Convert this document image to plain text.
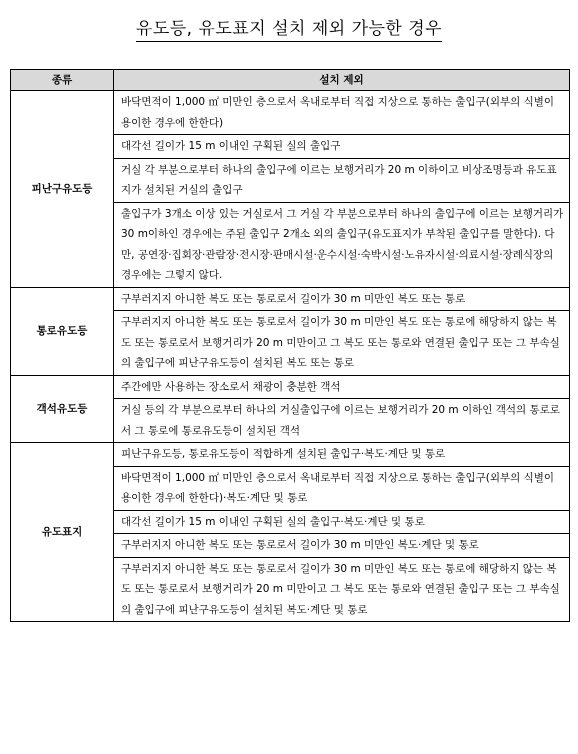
유도등, 유도표지 설치 제외 가능한 경우
종류	설치 제외
피난구유도등	바닥면적이 1,000 ㎡ 미만인 층으로서 옥내로부터 직접 지상으로 통하는 출입구(외부의 식별이 용이한 경우에 한한다)
	대각선 길이가 15 m 이내인 구획된 실의 출입구
	거실 각 부분으로부터 하나의 출입구에 이르는 보행거리가 20 m 이하이고 비상조명등과 유도표지가 설치된 거실의 출입구
	출입구가 3개소 이상 있는 거실로서 그 거실 각 부분으로부터 하나의 출입구에 이르는 보행거리가30 m이하인 경우에는 주된 출입구 2개소 외의 출입구(유도표지가 부착된 출입구를 말한다). 다만, 공연장·집회장·관람장·전시장·판매시설·운수시설·숙박시설·노유자시설·의료시설·장례식장의 경우에는 그렇지 않다.
통로유도등	구부러지지 아니한 복도 또는 통로로서 길이가 30 m 미만인 복도 또는 통로
	구부러지지 아니한 복도 또는 통로로서 길이가 30 m 미만인 복도 또는 통로에 해당하지 않는 복도 또는 통로로서 보행거리가 20 m 미만이고 그 복도 또는 통로와 연결된 출입구 또는 그 부속실의 출입구에 피난구유도등이 설치된 복도 또는 통로
객석유도등	주간에만 사용하는 장소로서 채광이 충분한 객석
	거실 등의 각 부분으로부터 하나의 거실출입구에 이르는 보행거리가 20 m 이하인 객석의 통로로서 그 통로에 통로유도등이 설치된 객석
유도표지	피난구유도등, 통로유도등이 적합하게 설치된 출입구·복도·계단 및 통로
	바닥면적이 1,000 ㎡ 미만인 층으로서 옥내로부터 직접 지상으로 통하는 출입구(외부의 식별이 용이한 경우에 한한다)·복도·계단 및 통로
	대각선 길이가 15 m 이내인 구획된 실의 출입구·복도·계단 및 통로
	구부러지지 아니한 복도 또는 통로로서 길이가 30 m 미만인 복도·계단 및 통로
	구부러지지 아니한 복도 또는 통로로서 길이가 30 m 미만인 복도 또는 통로에 해당하지 않는 복도 또는 통로로서 보행거리가 20 m 미만이고 그 복도 또는 통로와 연결된 출입구 또는 그 부속실의 출입구에 피난구유도등이 설치된 복도·계단 및 통로
